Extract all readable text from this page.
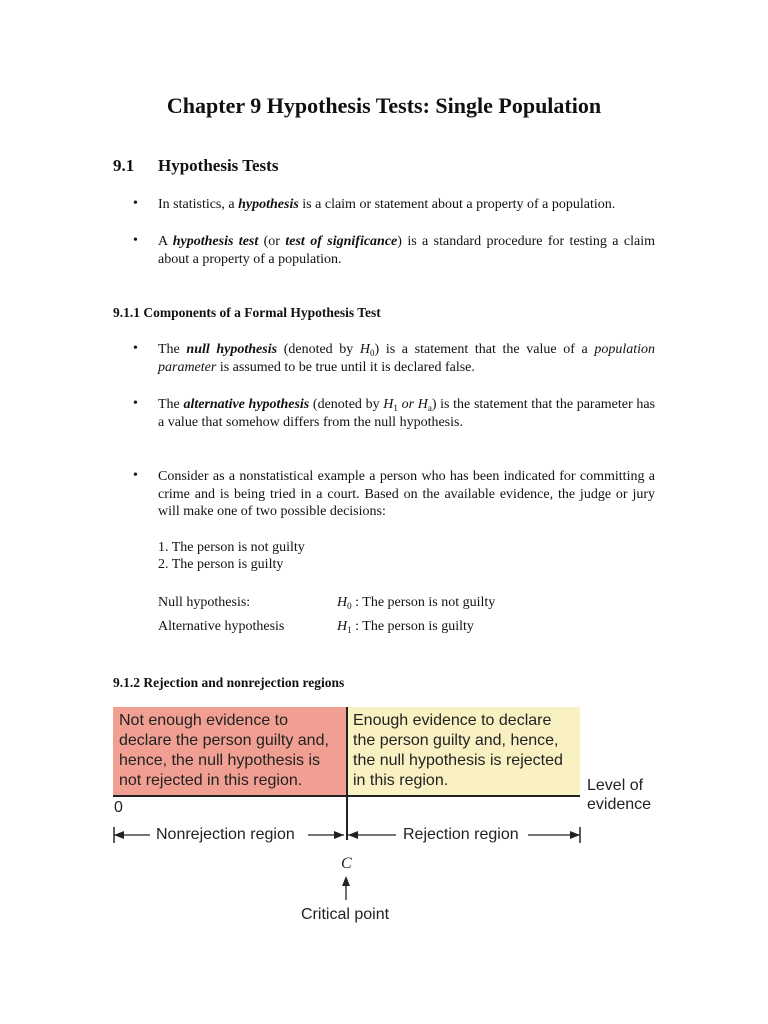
Chapter 9 Hypothesis Tests: Single Population
9.1 Hypothesis Tests
• In statistics, a hypothesis is a claim or statement about a property of a population.
• A hypothesis test (or test of significance) is a standard procedure for testing a claim about a property of a population.
9.1.1 Components of a Formal Hypothesis Test
• The null hypothesis (denoted by $H_0$) is a statement that the value of a population parameter is assumed to be true until it is declared false.
• The alternative hypothesis (denoted by $H_1$ or $H_a$) is the statement that the parameter has a value that somehow differs from the null hypothesis.
• Consider as a nonstatistical example a person who has been indicated for committing a crime and is being tried in a court. Based on the available evidence, the judge or jury will make one of two possible decisions:
1. The person is not guilty
2. The person is guilty
Null hypothesis:	$H_0$ : The person is not guilty
Alternative hypothesis	$H_1$ : The person is guilty
9.1.2 Rejection and nonrejection regions
Not enough evidence to declare the person guilty and, hence, the null hypothesis is not rejected in this region.
Enough evidence to declare the person guilty and, hence, the null hypothesis is rejected in this region.
0
Level of evidence
Nonrejection region	Rejection region
C
Critical point
